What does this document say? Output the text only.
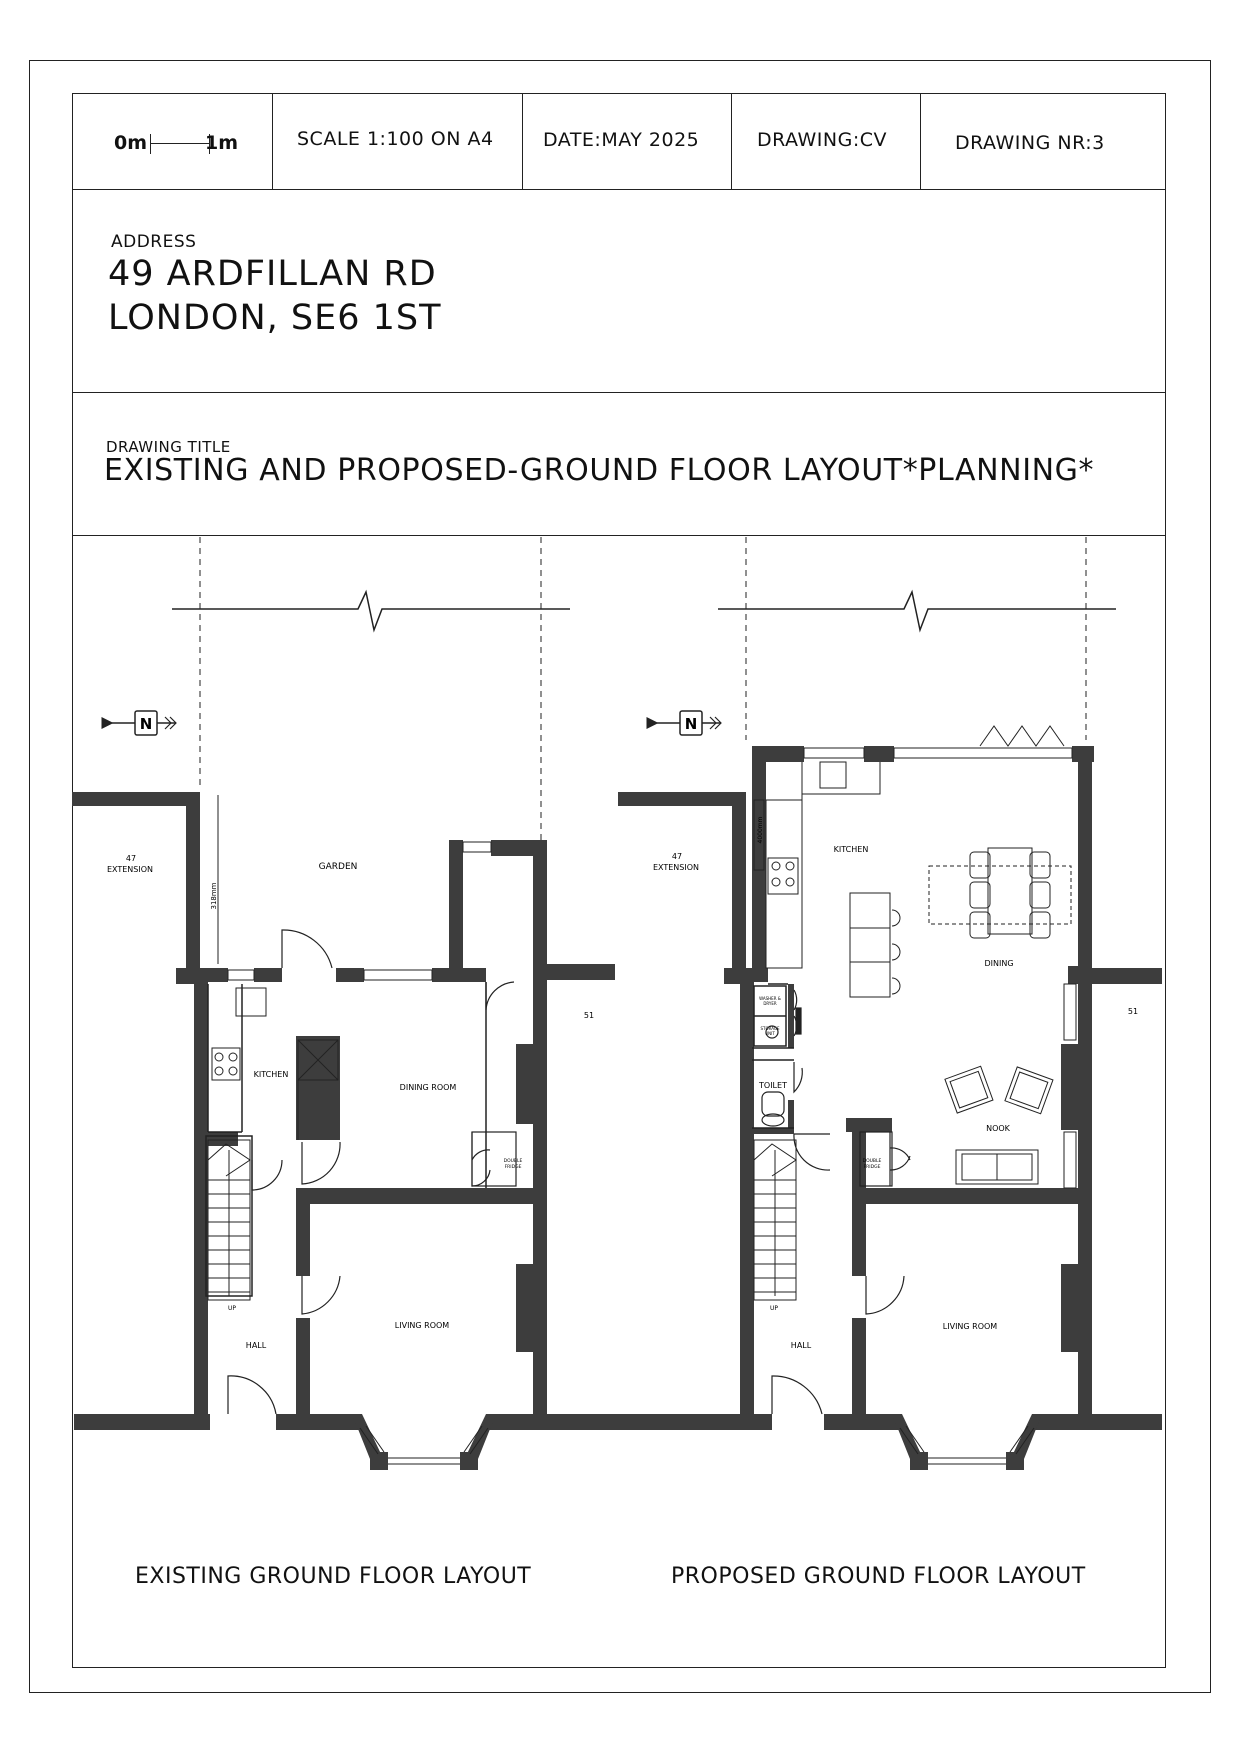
0m	1m	SCALE 1:100 ON A4	DATE:MAY 2025	DRAWING:CV	DRAWING NR:3
ADDRESS
49 ARDFILLAN RD
LONDON, SE6 1ST
DRAWING TITLE
EXISTING AND PROPOSED-GROUND FLOOR LAYOUT*PLANNING*
N
47
EXTENSION	GARDEN
318mm
KITCHEN
DINING ROOM
DOUBLE
FRIDGE
51
UP
HALL
LIVING ROOM
N
47
EXTENSION
4000mm
KITCHEN
DINING
WASHER &
DRYER
STORAGE
UNIT
TOILET
NOOK
DOUBLE
FRIDGE
51
UP
HALL
LIVING ROOM
EXISTING GROUND FLOOR LAYOUT	PROPOSED GROUND FLOOR LAYOUT
